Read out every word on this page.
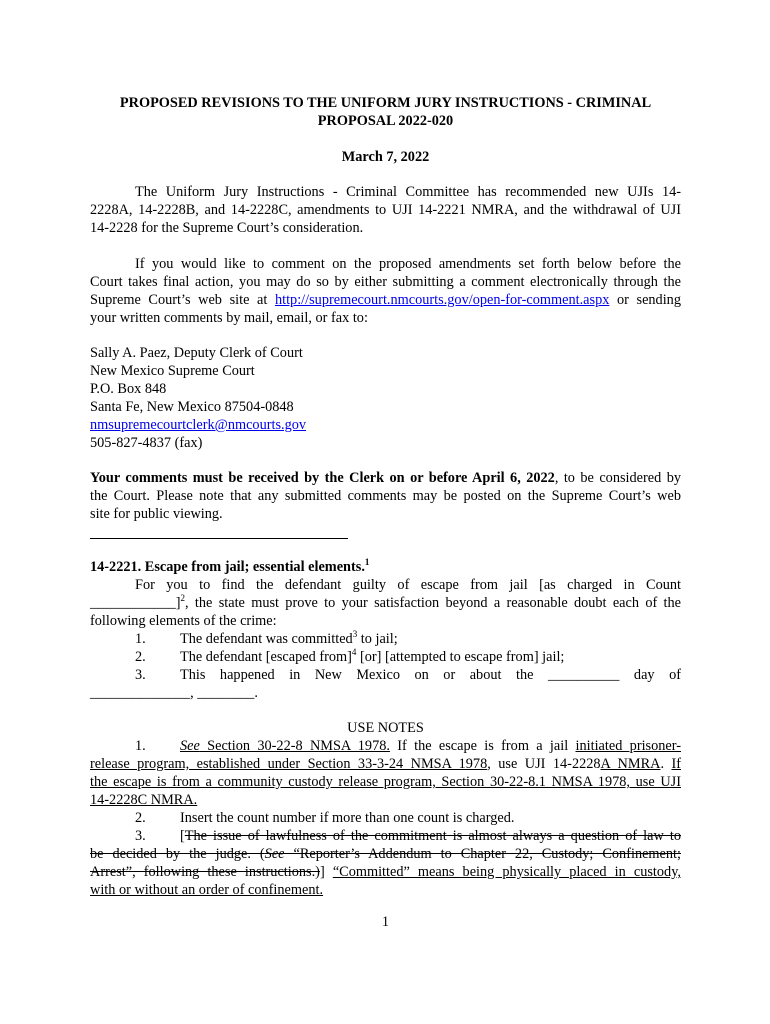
PROPOSED REVISIONS TO THE UNIFORM JURY INSTRUCTIONS - CRIMINAL
PROPOSAL 2022-020
March 7, 2022
The Uniform Jury Instructions - Criminal Committee has recommended new UJIs 14-
2228A, 14-2228B, and 14-2228C, amendments to UJI 14-2221 NMRA, and the withdrawal of UJI
14-2228 for the Supreme Court’s consideration.
If you would like to comment on the proposed amendments set forth below before the
Court takes final action, you may do so by either submitting a comment electronically through the
Supreme Court’s web site at http://supremecourt.nmcourts.gov/open-for-comment.aspx or sending
your written comments by mail, email, or fax to:
Sally A. Paez, Deputy Clerk of Court
New Mexico Supreme Court
P.O. Box 848
Santa Fe, New Mexico 87504-0848
nmsupremecourtclerk@nmcourts.gov
505-827-4837 (fax)
Your comments must be received by the Clerk on or before April 6, 2022, to be considered by
the Court. Please note that any submitted comments may be posted on the Supreme Court’s web
site for public viewing.
14-2221. Escape from jail; essential elements.$^1$
For you to find the defendant guilty of escape from jail [as charged in Count
____________]$^2$, the state must prove to your satisfaction beyond a reasonable doubt each of the
following elements of the crime:
1. The defendant was committed$^3$ to jail;
2. The defendant [escaped from]$^4$ [or] [attempted to escape from] jail;
3.	This happened in New Mexico on or about the __________ day of
______________, ________.
USE NOTES
1. See Section 30-22-8 NMSA 1978. If the escape is from a jail initiated prisoner-
release program, established under Section 33-3-24 NMSA 1978, use UJI 14-2228A NMRA. If
the escape is from a community custody release program, Section 30-22-8.1 NMSA 1978, use UJI
14-2228C NMRA.
2. Insert the count number if more than one count is charged.
3. [The issue of lawfulness of the commitment is almost always a question of law to
be decided by the judge. (See “Reporter’s Addendum to Chapter 22, Custody; Confinement;
Arrest”, following these instructions.)] “Committed” means being physically placed in custody,
with or without an order of confinement.
1
